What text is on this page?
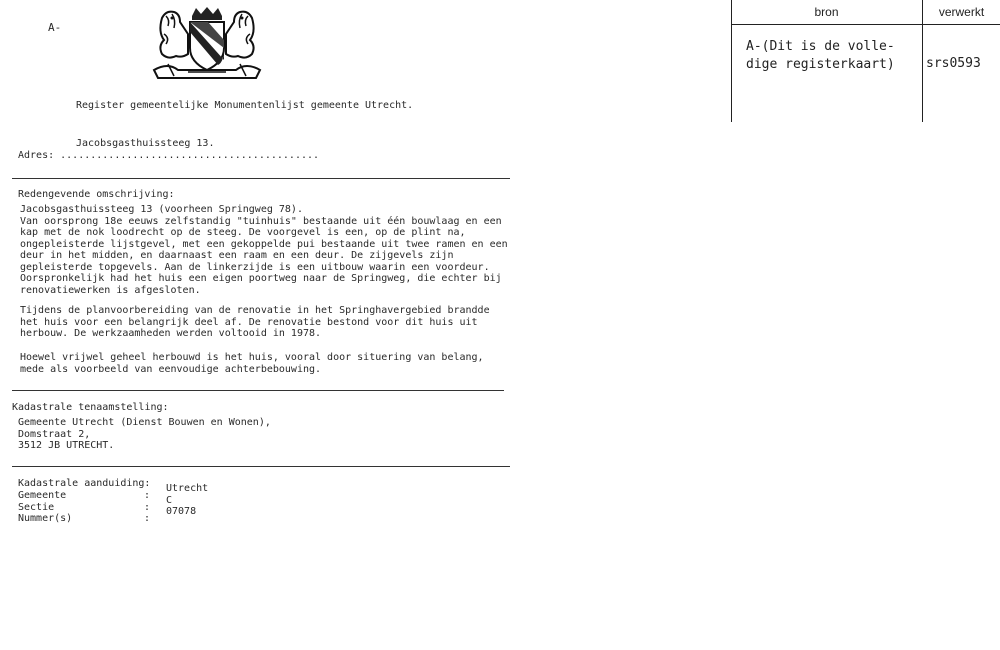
A-
Register gemeentelijke Monumentenlijst gemeente Utrecht.
bron	verwerkt
A-(Dit is de volle-
dige registerkaart) srs0593
Jacobsgasthuissteeg 13.
Adres: ...........................................
Redengevende omschrijving:
Jacobsgasthuissteeg 13 (voorheen Springweg 78).
Van oorsprong 18e eeuws zelfstandig "tuinhuis" bestaande uit één bouwlaag en een
kap met de nok loodrecht op de steeg. De voorgevel is een, op de plint na,
ongepleisterde lijstgevel, met een gekoppelde pui bestaande uit twee ramen en een
deur in het midden, en daarnaast een raam en een deur. De zijgevels zijn
gepleisterde topgevels. Aan de linkerzijde is een uitbouw waarin een voordeur.
Oorspronkelijk had het huis een eigen poortweg naar de Springweg, die echter bij
renovatiewerken is afgesloten.
Tijdens de planvoorbereiding van de renovatie in het Springhavergebied brandde
het huis voor een belangrijk deel af. De renovatie bestond voor dit huis uit
herbouw. De werkzaamheden werden voltooid in 1978.
Hoewel vrijwel geheel herbouwd is het huis, vooral door situering van belang,
mede als voorbeeld van eenvoudige achterbebouwing.
Kadastrale tenaamstelling:
Gemeente Utrecht (Dienst Bouwen en Wonen),
Domstraat 2,
3512 JB UTRECHT.
Kadastrale aanduiding:
Gemeente
Sectie
Nummer(s)
:
:
:
Utrecht
C
07078
